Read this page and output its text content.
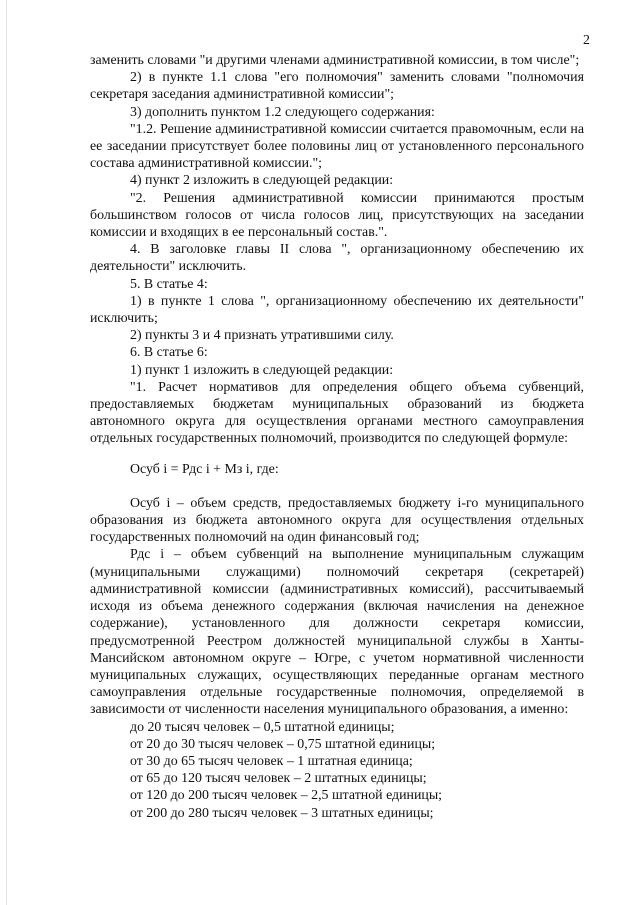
2

заменить словами "и другими членами административной комиссии, в том числе";

2) в пункте 1.1 слова "его полномочия" заменить словами "полномочия секретаря заседания административной комиссии";

3) дополнить пунктом 1.2 следующего содержания:

"1.2. Решение административной комиссии считается правомочным, если на ее заседании присутствует более половины лиц от установленного персонального состава административной комиссии.";

4) пункт 2 изложить в следующей редакции:

"2. Решения административной комиссии принимаются простым большинством голосов от числа голосов лиц, присутствующих на заседании комиссии и входящих в ее персональный состав.".

4. В заголовке главы II слова ", организационному обеспечению их деятельности" исключить.

5. В статье 4:

1) в пункте 1 слова ", организационному обеспечению их деятельности" исключить;

2) пункты 3 и 4 признать утратившими силу.

6. В статье 6:

1) пункт 1 изложить в следующей редакции:

"1. Расчет нормативов для определения общего объема субвенций, предоставляемых бюджетам муниципальных образований из бюджета автономного округа для осуществления органами местного самоуправления отдельных государственных полномочий, производится по следующей формуле:

Осуб i = Рдс i + Мз i, где:

Осуб i – объем средств, предоставляемых бюджету i-го муниципального образования из бюджета автономного округа для осуществления отдельных государственных полномочий на один финансовый год;

Рдс i – объем субвенций на выполнение муниципальным служащим (муниципальными служащими) полномочий секретаря (секретарей) административной комиссии (административных комиссий), рассчитываемый исходя из объема денежного содержания (включая начисления на денежное содержание), установленного для должности секретаря комиссии, предусмотренной Реестром должностей муниципальной службы в Ханты-Мансийском автономном округе – Югре, с учетом нормативной численности муниципальных служащих, осуществляющих переданные органам местного самоуправления отдельные государственные полномочия, определяемой в зависимости от численности населения муниципального образования, а именно:

до 20 тысяч человек – 0,5 штатной единицы;

от 20 до 30 тысяч человек – 0,75 штатной единицы;

от 30 до 65 тысяч человек – 1 штатная единица;

от 65 до 120 тысяч человек – 2 штатных единицы;

от 120 до 200 тысяч человек – 2,5 штатной единицы;

от 200 до 280 тысяч человек – 3 штатных единицы;
